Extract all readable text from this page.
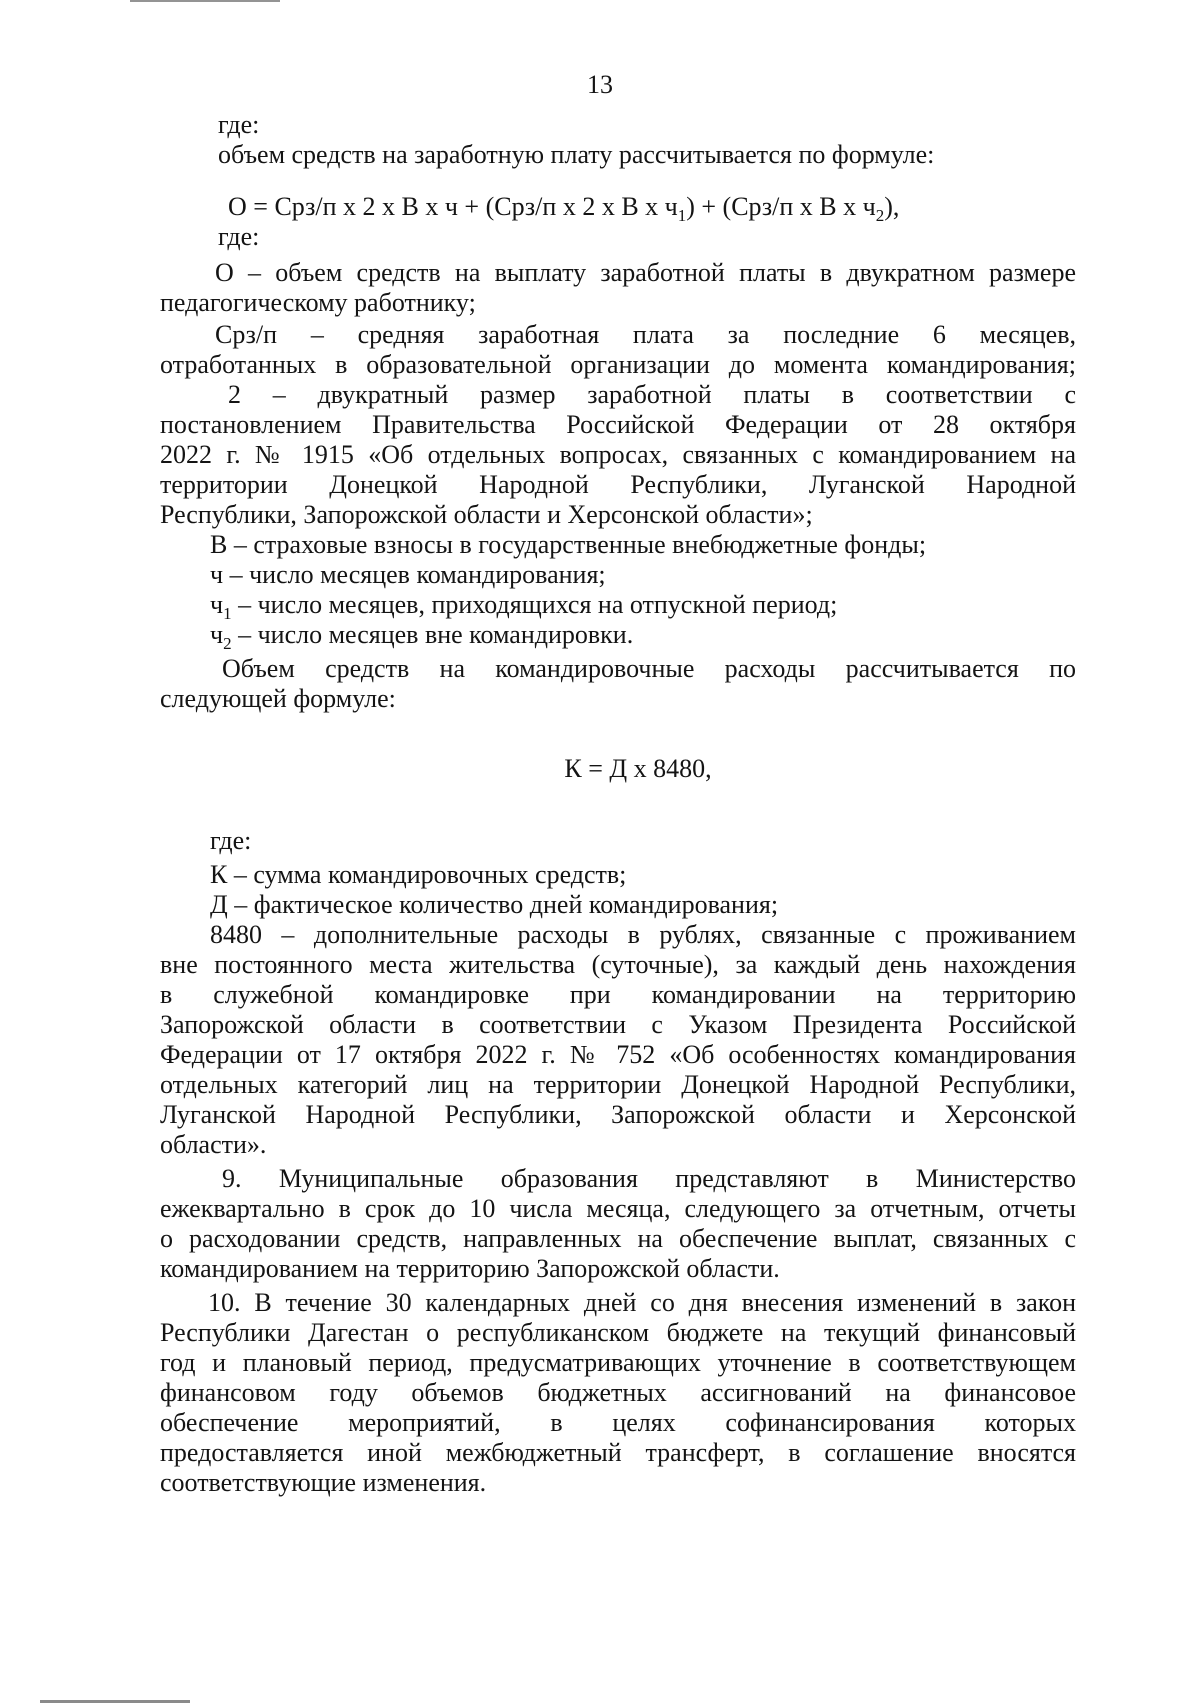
13
где:
объем средств на заработную плату рассчитывается по формуле:
О = Срз/п х 2 х В х ч + (Срз/п х 2 х В х $ч_1) + (Срз/п$ х В х $ч_2$),
где:
О – объем средств на выплату заработной платы в двукратном размере
педагогическому работнику;
Срз/п – средняя заработная плата за последние 6 месяцев,
отработанных в образовательной организации до момента командирования;
2 – двукратный размер заработной платы в соответствии с
постановлением Правительства Российской Федерации от 28 октября
2022 г. № 1915 «Об отдельных вопросах, связанных с командированием на
территории Донецкой Народной Республики, Луганской Народной
Республики, Запорожской области и Херсонской области»;
В – страховые взносы в государственные внебюджетные фонды;
ч – число месяцев командирования;
$ч_1$ – число месяцев, приходящихся на отпускной период;
$ч_2$ – число месяцев вне командировки.
Объем средств на командировочные расходы рассчитывается по
следующей формуле:
К = Д х 8480,
где:
К – сумма командировочных средств;
Д – фактическое количество дней командирования;
8480 – дополнительные расходы в рублях, связанные с проживанием
вне постоянного места жительства (суточные), за каждый день нахождения
в служебной командировке при командировании на территорию
Запорожской области в соответствии с Указом Президента Российской
Федерации от 17 октября 2022 г. № 752 «Об особенностях командирования
отдельных категорий лиц на территории Донецкой Народной Республики,
Луганской Народной Республики, Запорожской области и Херсонской
области».
9. Муниципальные образования представляют в Министерство
ежеквартально в срок до 10 числа месяца, следующего за отчетным, отчеты
о расходовании средств, направленных на обеспечение выплат, связанных с
командированием на территорию Запорожской области.
10. В течение 30 календарных дней со дня внесения изменений в закон
Республики Дагестан о республиканском бюджете на текущий финансовый
год и плановый период, предусматривающих уточнение в соответствующем
финансовом году объемов бюджетных ассигнований на финансовое
обеспечение мероприятий, в целях софинансирования которых
предоставляется иной межбюджетный трансферт, в соглашение вносятся
соответствующие изменения.
